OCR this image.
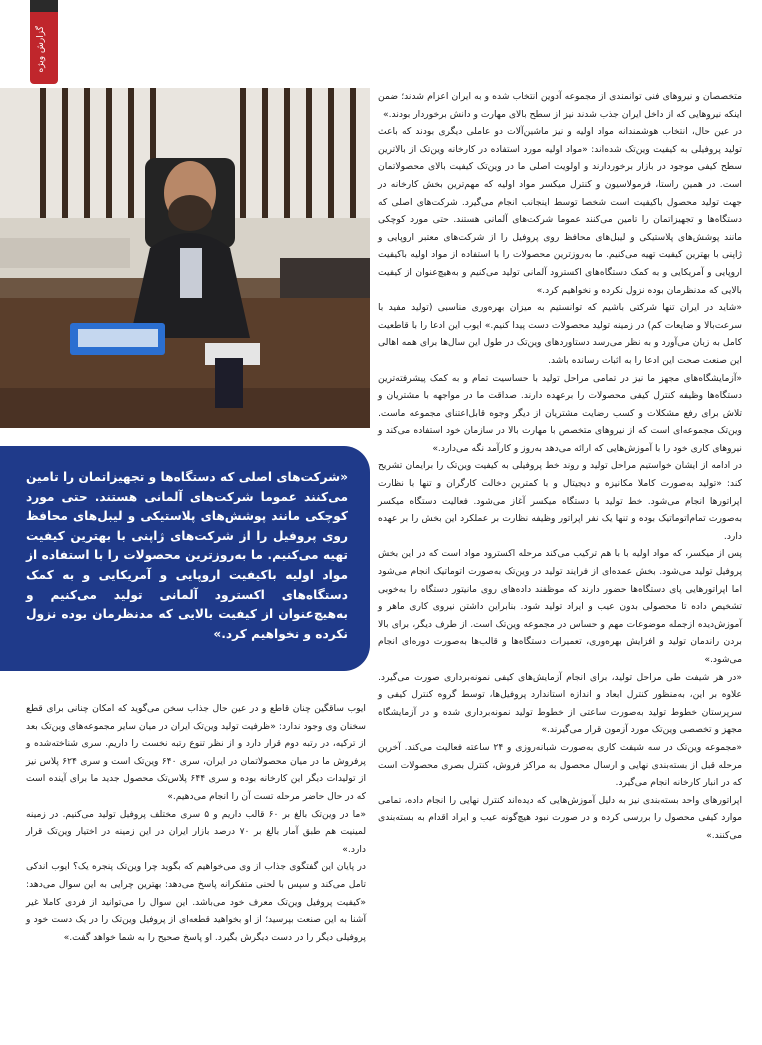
گزارش ویژه

متخصصان و نیروهای فنی توانمندی از مجموعه آدوین انتخاب شده و به ایران اعزام شدند؛ ضمن اینکه نیروهایی که از داخل ایران جذب شدند نیز از سطح بالای مهارت و دانش برخوردار بودند.»

در عین حال، انتخاب هوشمندانه مواد اولیه و نیز ماشین‌آلات دو عاملی دیگری بودند که باعث تولید پروفیلی به کیفیت وین‌تک شده‌اند: «مواد اولیه مورد استفاده در کارخانه وین‌تک از بالاترین سطح کیفی موجود در بازار برخوردارند و اولویت اصلی ما در وین‌تک کیفیت بالای محصولاتمان است. در همین راستا، فرمولاسیون و کنترل میکسر مواد اولیه که مهم‌ترین بخش کارخانه در جهت تولید محصول باکیفیت است شخصا توسط اینجانب انجام می‌گیرد. شرکت‌های اصلی که دستگاه‌ها و تجهیزاتمان را تامین می‌کنند عموما شرکت‌های آلمانی هستند. حتی مورد کوچکی مانند پوشش‌های پلاستیکی و لیبل‌های محافظ روی پروفیل را از شرکت‌های معتبر اروپایی و ژاپنی با بهترین کیفیت تهیه می‌کنیم. ما به‌روزترین محصولات را با استفاده از مواد اولیه باکیفیت اروپایی و آمریکایی و به کمک دستگاه‌های اکسترود آلمانی تولید می‌کنیم و به‌هیچ‌عنوان از کیفیت بالایی که مدنظرمان بوده نزول نکرده و نخواهیم کرد.»

«شاید در ایران تنها شرکتی باشیم که توانستیم به میزان بهره‌وری مناسبی (تولید مفید با سرعت‌بالا و ضایعات کم) در زمینه تولید محصولات دست پیدا کنیم.» ایوب این ادعا را با قاطعیت کامل به زبان می‌آورد و به نظر می‌رسد دستاوردهای وین‌تک در طول این سال‌ها برای همه اهالی این صنعت صحت این ادعا را به اثبات رسانده باشد.

«آزمایشگاه‌های مجهز ما نیز در تمامی مراحل تولید با حساسیت تمام و به کمک پیشرفته‌ترین دستگاه‌ها وظیفه کنترل کیفی محصولات را برعهده دارند. صداقت ما در مواجهه با مشتریان و تلاش برای رفع مشکلات و کسب رضایت مشتریان از دیگر وجوه قابل‌اعتنای مجموعه ماست. وین‌تک مجموعه‌ای است که از نیروهای متخصص با مهارت بالا در سازمان خود استفاده می‌کند و نیروهای کاری خود را با آموزش‌هایی که ارائه می‌دهد به‌روز و کارآمد نگه می‌دارد.»

در ادامه از ایشان خواستیم مراحل تولید و روند خط پروفیلی به کیفیت وین‌تک را برایمان تشریح کند: «تولید به‌صورت کاملا مکانیزه و دیجیتال و با کمترین دخالت کارگران و تنها با نظارت اپراتورها انجام می‌شود. خط تولید با دستگاه میکسر آغاز می‌شود. فعالیت دستگاه میکسر به‌صورت تمام‌اتوماتیک بوده و تنها یک نفر اپراتور وظیفه نظارت بر عملکرد این بخش را بر عهده دارد.

پس از میکسر، که مواد اولیه با با هم ترکیب می‌کند مرحله اکسترود مواد است که در این بخش پروفیل تولید می‌شود. بخش عمده‌ای از فرایند تولید در وین‌تک به‌صورت اتوماتیک انجام می‌شود اما اپراتورهایی پای دستگاه‌ها حضور دارند که موظفند داده‌های روی مانیتور دستگاه را به‌خوبی تشخیص داده تا محصولی بدون عیب و ایراد تولید شود. بنابراین داشتن نیروی کاری ماهر و آموزش‌دیده ازجمله موضوعات مهم و حساس در مجموعه وین‌تک است. از طرف دیگر، برای بالا بردن راندمان تولید و افزایش بهره‌وری، تعمیرات دستگاه‌ها و قالب‌ها به‌صورت دوره‌ای انجام می‌شود.»

«در هر شیفت طی مراحل تولید، برای انجام آزمایش‌های کیفی نمونه‌برداری صورت می‌گیرد. علاوه بر این، به‌منظور کنترل ابعاد و اندازه استاندارد پروفیل‌ها، توسط گروه کنترل کیفی و سرپرستان خطوط تولید به‌صورت ساعتی از خطوط تولید نمونه‌برداری شده و در آزمایشگاه مجهز و تخصصی وین‌تک مورد آزمون قرار می‌گیرند.»

«مجموعه وین‌تک در سه شیفت کاری به‌صورت شبانه‌روزی و ۲۴ ساعته فعالیت می‌کند. آخرین مرحله قبل از بسته‌بندی نهایی و ارسال محصول به مراکز فروش، کنترل بصری محصولات است که در انبار کارخانه انجام می‌گیرد.

اپراتورهای واحد بسته‌بندی نیز به دلیل آموزش‌هایی که دیده‌اند کنترل نهایی را انجام داده، تمامی موارد کیفی محصول را بررسی کرده و در صورت نبود هیچ‌گونه عیب و ایراد اقدام به بسته‌بندی می‌کنند.»

«شرکت‌های اصلی که دستگاه‌ها و تجهیزاتمان را تامین می‌کنند عموما شرکت‌های آلمانی هستند. حتی مورد کوچکی مانند پوشش‌های پلاستیکی و لیبل‌های محافظ روی پروفیل را از شرکت‌های ژاپنی با بهترین کیفیت تهیه می‌کنیم. ما به‌روزترین محصولات را با استفاده از مواد اولیه باکیفیت اروپایی و آمریکایی و به کمک دستگاه‌های اکسترود آلمانی تولید می‌کنیم و به‌هیچ‌عنوان از کیفیت بالایی که مدنظرمان بوده نزول نکرده و نخواهیم کرد.»

ایوب ساقگین چنان قاطع و در عین حال جذاب سخن می‌گوید که امکان چنانی برای قطع سخنان وی وجود ندارد: «ظرفیت تولید وین‌تک ایران در میان سایر مجموعه‌های وین‌تک بعد از ترکیه، در رتبه دوم قرار دارد و از نظر تنوع رتبه نخست را داریم. سری شناخته‌شده و پرفروش ما در میان محصولاتمان در ایران، سری ۶۴۰ وین‌تک است و سری ۶۲۴ پلاس نیز از تولیدات دیگر این کارخانه بوده و سری ۶۴۴ پلاس‌تک محصول جدید ما برای آینده است که در حال حاضر مرحله تست آن را انجام می‌دهیم.»

«ما در وین‌تک بالغ بر ۶۰ قالب داریم و ۵ سری مختلف پروفیل تولید می‌کنیم. در زمینه لمینیت هم طبق آمار بالغ بر ۷۰ درصد بازار ایران در این زمینه در اختیار وین‌تک قرار دارد.»

در پایان این گفتگوی جذاب از وی می‌خواهیم که بگوید چرا وین‌تک پنجره یک؟ ایوب اندکی تامل می‌کند و سپس با لحنی متفکرانه پاسخ می‌دهد: بهترین چرایی به این سوال می‌دهد: «کیفیت پروفیل وین‌تک معرف خود می‌باشد. این سوال را می‌توانید از فردی کاملا غیر آشنا به این صنعت بپرسید؛ از او بخواهید قطعه‌ای از پروفیل وین‌تک را در یک دست خود و پروفیلی دیگر را در دست دیگرش بگیرد. او پاسخ صحیح را به شما خواهد گفت.»
